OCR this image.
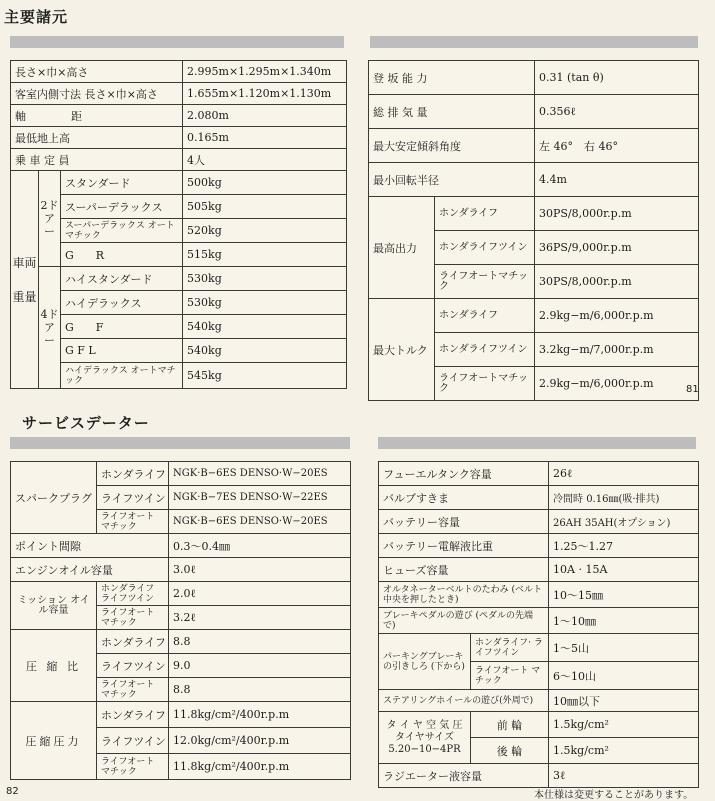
主要諸元
サービスデーター
長さ×巾×高さ			2.995m×1.295m×1.340m
客室内側寸法 長さ×巾×高さ			1.655m×1.120m×1.130m
軸　　　距			2.080m
最低地上高			0.165m
乗 車 定 員			4人
車両重量	2ドアー	スタンダード	500kg
		スーパーデラックス	505kg
		スーパーデラックス オートマチック	520kg
		G　　R	515kg
	4ドアー	ハイスタンダード	530kg
		ハイデラックス	530kg
		G　　F	540kg
		G F L	540kg
		ハイデラックス オートマチック	545kg
登 坂 能 力		0.31 (tan θ)
総 排 気 量		0.356ℓ
最大安定傾斜角度		左 46°　右 46°
最小回転半径		4.4m
最高出力	ホンダライフ	30PS/8,000r.p.m
	ホンダライフツイン	36PS/9,000r.p.m
	ライフオートマチック	30PS/8,000r.p.m
最大トルク	ホンダライフ	2.9kg−m/6,000r.p.m
	ホンダライフツイン	3.2kg−m/7,000r.p.m
	ライフオートマチック	2.9kg−m/6,000r.p.m	81
スパークプラグ	ホンダライフ	NGK·B−6ES DENSO·W−20ES
	ライフツイン	NGK·B−7ES DENSO·W−22ES
	ライフオート マチック	NGK·B−6ES DENSO·W−20ES
ポイント間隙		0.3〜0.4㎜
エンジンオイル容量		3.0ℓ
ミッション オイル容量	ホンダライフ ライフツイン	2.0ℓ
	ライフオート マチック	3.2ℓ
圧 縮 比	ホンダライフ	8.8
	ライフツイン	9.0
	ライフオート マチック	8.8
圧縮圧力	ホンダライフ	11.8kg/cm²/400r.p.m
	ライフツイン	12.0kg/cm²/400r.p.m
	ライフオート マチック	11.8kg/cm²/400r.p.m
82
フューエルタンク容量		26ℓ
バルブすきま		冷間時 0.16㎜(吸·排共)
バッテリー容量		26AH 35AH(オプション)
バッテリー電解液比重		1.25〜1.27
ヒューズ容量		10A · 15A
オルタネーターベルトのたわみ (ベルト中央を押したとき)		10〜15㎜
ブレーキペダルの遊び (ペダルの先端で)		1〜10㎜
パーキングブレーキの引きしろ (下から)	ホンダライフ· ライフツイン	1〜5山
	ライフオート マチック	6〜10山
ステアリングホイールの遊び(外周で)		10㎜以下

タ イ ヤ 空 気 圧
タイヤサイズ
5.20−10−4PR	前 輪	1.5kg/cm²
	後 輪	1.5kg/cm²
ラジエーター液容量		3ℓ
本仕様は変更することがあります。
